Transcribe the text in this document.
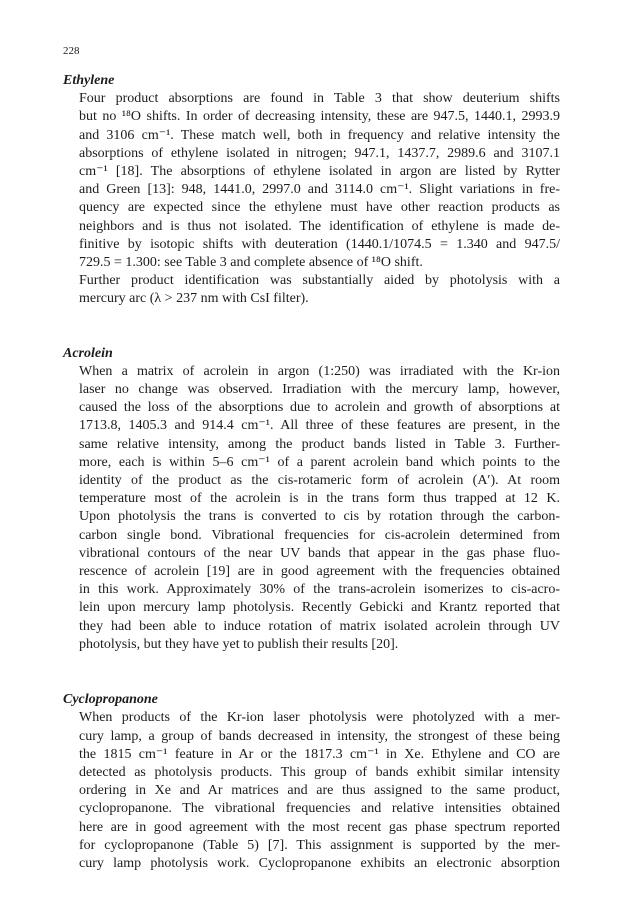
228
Ethylene

Four product absorptions are found in Table 3 that show deuterium shifts
but no ¹⁸O shifts. In order of decreasing intensity, these are 947.5, 1440.1, 2993.9
and 3106 cm⁻¹. These match well, both in frequency and relative intensity the
absorptions of ethylene isolated in nitrogen; 947.1, 1437.7, 2989.6 and 3107.1
cm⁻¹ [18]. The absorptions of ethylene isolated in argon are listed by Rytter
and Green [13]: 948, 1441.0, 2997.0 and 3114.0 cm⁻¹. Slight variations in fre-
quency are expected since the ethylene must have other reaction products as
neighbors and is thus not isolated. The identification of ethylene is made de-
finitive by isotopic shifts with deuteration (1440.1/1074.5 = 1.340 and 947.5/
729.5 = 1.300: see Table 3 and complete absence of ¹⁸O shift.

Further product identification was substantially aided by photolysis with a
mercury arc (λ > 237 nm with CsI filter).

Acrolein

When a matrix of acrolein in argon (1:250) was irradiated with the Kr-ion
laser no change was observed. Irradiation with the mercury lamp, however,
caused the loss of the absorptions due to acrolein and growth of absorptions at
1713.8, 1405.3 and 914.4 cm⁻¹. All three of these features are present, in the
same relative intensity, among the product bands listed in Table 3. Further-
more, each is within 5–6 cm⁻¹ of a parent acrolein band which points to the
identity of the product as the cis-rotameric form of acrolein (A′). At room
temperature most of the acrolein is in the trans form thus trapped at 12 K.
Upon photolysis the trans is converted to cis by rotation through the carbon-
carbon single bond. Vibrational frequencies for cis-acrolein determined from
vibrational contours of the near UV bands that appear in the gas phase fluo-
rescence of acrolein [19] are in good agreement with the frequencies obtained
in this work. Approximately 30% of the trans-acrolein isomerizes to cis-acro-
lein upon mercury lamp photolysis. Recently Gebicki and Krantz reported that
they had been able to induce rotation of matrix isolated acrolein through UV
photolysis, but they have yet to publish their results [20].

Cyclopropanone

When products of the Kr-ion laser photolysis were photolyzed with a mer-
cury lamp, a group of bands decreased in intensity, the strongest of these being
the 1815 cm⁻¹ feature in Ar or the 1817.3 cm⁻¹ in Xe. Ethylene and CO are
detected as photolysis products. This group of bands exhibit similar intensity
ordering in Xe and Ar matrices and are thus assigned to the same product,
cyclopropanone. The vibrational frequencies and relative intensities obtained
here are in good agreement with the most recent gas phase spectrum reported
for cyclopropanone (Table 5) [7]. This assignment is supported by the mer-
cury lamp photolysis work. Cyclopropanone exhibits an electronic absorption
